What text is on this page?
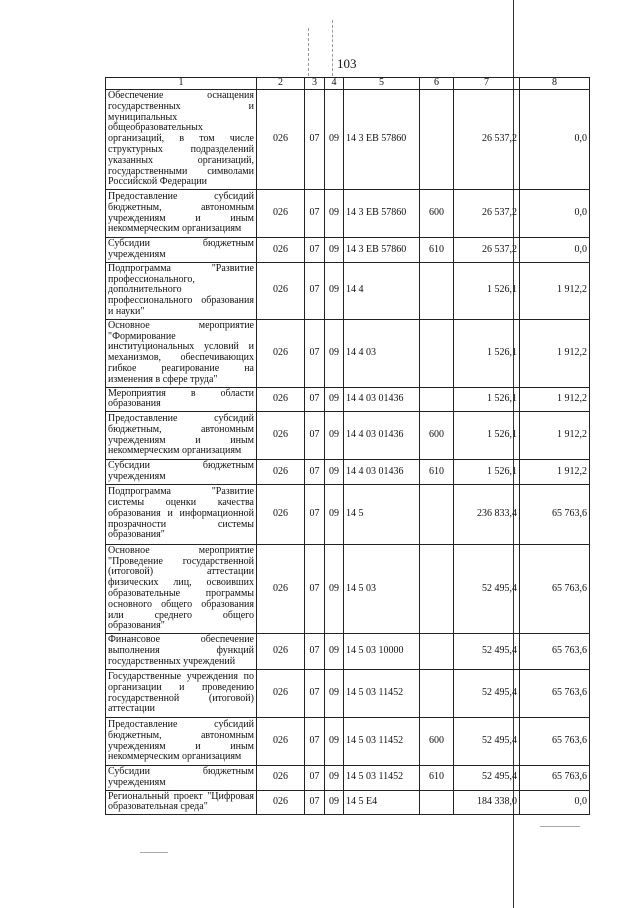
103
1	2	3	4	5	6	7	8
Обеспечение оснащения государственных и муниципальных общеобразовательных организаций, в том числе структурных подразделений указанных организаций, государственными символами Российской Федерации	026	07	09	14 3 ЕВ 57860		26 537,2	0,0
Предоставление субсидий бюджетным, автономным учреждениям и иным некоммерческим организациям	026	07	09	14 3 ЕВ 57860	600	26 537,2	0,0
Субсидии бюджетным учреждениям	026	07	09	14 3 ЕВ 57860	610	26 537,2	0,0
Подпрограмма "Развитие профессионального, дополнительного профессионального образования и науки"	026	07	09	14 4		1 526,1	1 912,2
Основное мероприятие "Формирование институциональных условий и механизмов, обеспечивающих гибкое реагирование на изменения в сфере труда"	026	07	09	14 4 03		1 526,1	1 912,2
Мероприятия в области образования	026	07	09	14 4 03 01436		1 526,1	1 912,2
Предоставление субсидий бюджетным, автономным учреждениям и иным некоммерческим организациям	026	07	09	14 4 03 01436	600	1 526,1	1 912,2
Субсидии бюджетным учреждениям	026	07	09	14 4 03 01436	610	1 526,1	1 912,2
Подпрограмма "Развитие системы оценки качества образования и информационной прозрачности системы образования"	026	07	09	14 5		236 833,4	65 763,6
Основное мероприятие "Проведение государственной (итоговой) аттестации физических лиц, освоивших образовательные программы основного общего образования или среднего общего образования"	026	07	09	14 5 03		52 495,4	65 763,6
Финансовое обеспечение выполнения функций государственных учреждений	026	07	09	14 5 03 10000		52 495,4	65 763,6
Государственные учреждения по организации и проведению государственной (итоговой) аттестации	026	07	09	14 5 03 11452		52 495,4	65 763,6
Предоставление субсидий бюджетным, автономным учреждениям и иным некоммерческим организациям	026	07	09	14 5 03 11452	600	52 495,4	65 763,6
Субсидии бюджетным учреждениям	026	07	09	14 5 03 11452	610	52 495,4	65 763,6
Региональный проект "Цифровая образовательная среда"	026	07	09	14 5 Е4		184 338,0	0,0
